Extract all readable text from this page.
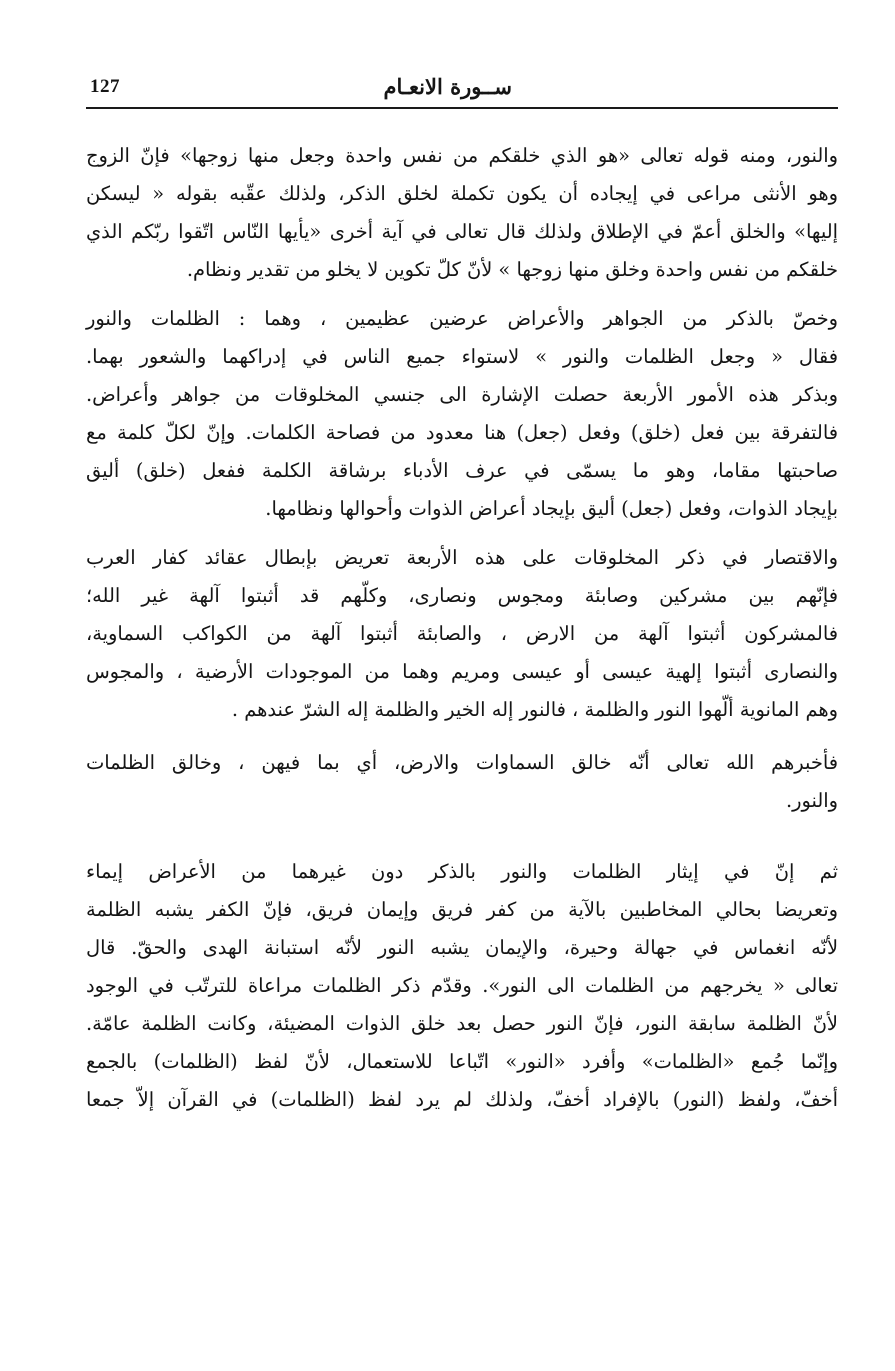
127	ســورة الانعـام
والنور، ومنه قوله تعالى «هو الذي خلقكم من نفس واحدة وجعل منها زوجها» فإنّ الزوج
وهو الأنثى مراعى في إيجاده أن يكون تكملة لخلق الذكر، ولذلك عقّبه بقوله « ليسكن
إليها» والخلق أعمّ في الإطلاق ولذلك قال تعالى في آية أخرى «يأيها النّاس اتّقوا ربّكم الذي
خلقكم من نفس واحدة وخلق منها زوجها » لأنّ كلّ تكوين لا يخلو من تقدير ونظام.
وخصّ بالذكر من الجواهر والأعراض عرضين عظيمين ، وهما : الظلمات والنور
فقال « وجعل الظلمات والنور » لاستواء جميع الناس في إدراكهما والشعور بهما.
وبذكر هذه الأمور الأربعة حصلت الإشارة الى جنسي المخلوقات من جواهر وأعراض.
فالتفرقة بين فعل (خلق) وفعل (جعل) هنا معدود من فصاحة الكلمات. وإنّ لكلّ كلمة مع
صاحبتها مقاما، وهو ما يسمّى في عرف الأدباء برشاقة الكلمة ففعل (خلق) أليق
بإيجاد الذوات، وفعل (جعل) أليق بإيجاد أعراض الذوات وأحوالها ونظامها.
والاقتصار في ذكر المخلوقات على هذه الأربعة تعريض بإبطال عقائد كفار العرب
فإنّهم بين مشركين وصابئة ومجوس ونصارى، وكلّهم قد أثبتوا آلهة غير الله؛
فالمشركون أثبتوا آلهة من الارض ، والصابئة أثبتوا آلهة من الكواكب السماوية،
والنصارى أثبتوا إلهية عيسى أو عيسى ومريم وهما من الموجودات الأرضية ، والمجوس
وهم المانوية ألّهوا النور والظلمة ، فالنور إله الخير والظلمة إله الشرّ عندهم .
فأخبرهم الله تعالى أنّه خالق السماوات والارض، أي بما فيهن ، وخالق الظلمات
والنور.
ثم إنّ في إيثار الظلمات والنور بالذكر دون غيرهما من الأعراض إيماء
وتعريضا بحالي المخاطبين بالآية من كفر فريق وإيمان فريق، فإنّ الكفر يشبه الظلمة
لأنّه انغماس في جهالة وحيرة، والإيمان يشبه النور لأنّه استبانة الهدى والحقّ. قال
تعالى « يخرجهم من الظلمات الى النور». وقدّم ذكر الظلمات مراعاة للترتّب في الوجود
لأنّ الظلمة سابقة النور، فإنّ النور حصل بعد خلق الذوات المضيئة، وكانت الظلمة عامّة.
وإنّما جُمع «الظلمات» وأفرد «النور» اتّباعا للاستعمال، لأنّ لفظ (الظلمات) بالجمع
أخفّ، ولفظ (النور) بالإفراد أخفّ، ولذلك لم يرد لفظ (الظلمات) في القرآن إلاّ جمعا
